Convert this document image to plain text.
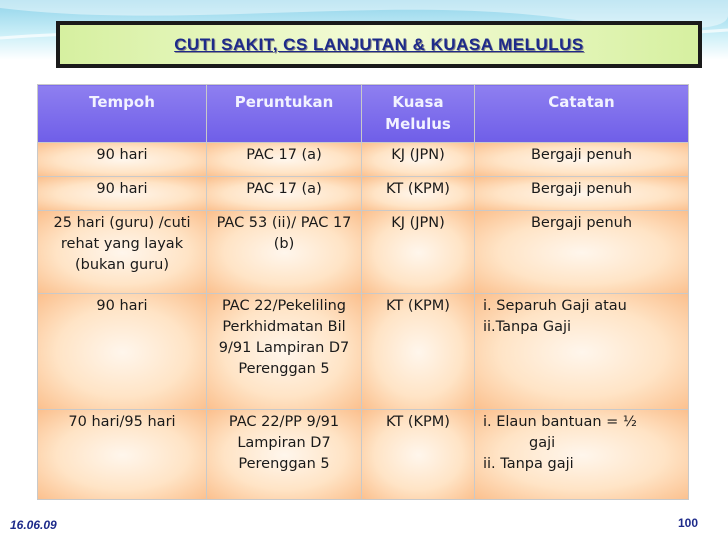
CUTI SAKIT, CS LANJUTAN & KUASA MELULUS
Tempoh	Peruntukan	Kuasa Melulus	Catatan
90 hari	PAC 17 (a)	KJ (JPN)	Bergaji penuh
90 hari	PAC 17 (a)	KT (KPM)	Bergaji penuh
25 hari (guru) /cuti rehat yang layak (bukan guru)	PAC 53 (ii)/ PAC 17 (b)	KJ (JPN)	Bergaji penuh
90 hari	PAC 22/Pekeliling Perkhidmatan Bil 9/91 Lampiran D7 Perenggan 5	KT (KPM)	i. Separuh Gaji atau
ii.Tanpa Gaji

70 hari/95 hari	PAC 22/PP 9/91 Lampiran D7 Perenggan 5	KT (KPM)	i. Elaun bantuan = ½
gaji
ii. Tanpa gaji
16.06.09	100
